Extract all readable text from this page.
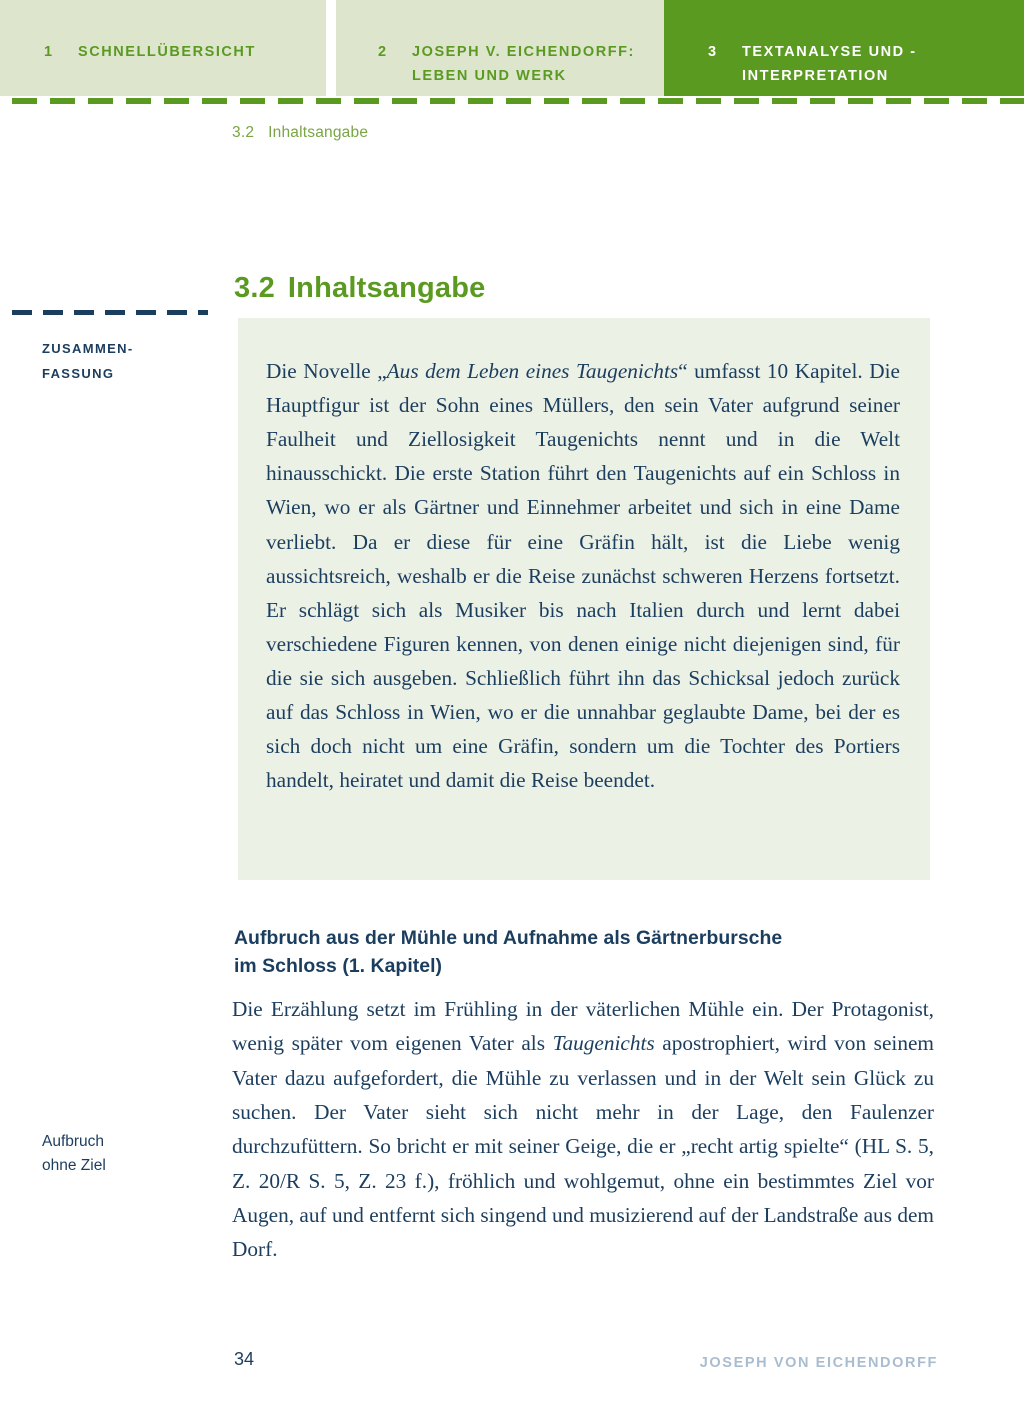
1	SCHNELLÜBERSICHT	2	JOSEPH V. EICHENDORFF: LEBEN UND WERK
3	TEXTANALYSE UND -INTERPRETATION
3.2 Inhaltsangabe
3.2 Inhaltsangabe
ZUSAMMEN-
FASSUNG	Die Novelle „Aus dem Leben eines Taugenichts“ umfasst 10 Kapitel. Die Hauptfigur ist der Sohn eines Müllers, den sein Vater aufgrund seiner Faulheit und Ziellosigkeit Taugenichts nennt und in die Welt hinausschickt. Die erste Station führt den Taugenichts auf ein Schloss in Wien, wo er als Gärtner und Einnehmer arbeitet und sich in eine Dame verliebt. Da er diese für eine Gräfin hält, ist die Liebe wenig aussichtsreich, weshalb er die Reise zunächst schweren Herzens fortsetzt. Er schlägt sich als Musiker bis nach Italien durch und lernt dabei verschiedene Figuren kennen, von denen einige nicht diejenigen sind, für die sie sich ausgeben. Schließlich führt ihn das Schicksal jedoch zurück auf das Schloss in Wien, wo er die unnahbar geglaubte Dame, bei der es sich doch nicht um eine Gräfin, sondern um die Tochter des Portiers handelt, heiratet und damit die Reise beendet.

Aufbruch aus der Mühle und Aufnahme als Gärtnerbursche
im Schloss (1. Kapitel)

Die Erzählung setzt im Frühling in der väterlichen Mühle ein. Der Protagonist, wenig später vom eigenen Vater als Taugenichts apostrophiert, wird von seinem Vater dazu aufgefordert, die Mühle zu verlassen und in der Welt sein Glück zu suchen. Der Vater sieht sich nicht mehr in der Lage, den Faulenzer durchzufüttern. So bricht er mit seiner Geige, die er „recht artig spielte“ (HL S. 5, Z. 20/R S. 5, Z. 23 f.), fröhlich und wohlgemut, ohne ein bestimmtes Ziel vor Augen, auf und entfernt sich singend und musizierend auf der Landstraße aus dem Dorf.

Aufbruch
ohne Ziel
34	JOSEPH VON EICHENDORFF
